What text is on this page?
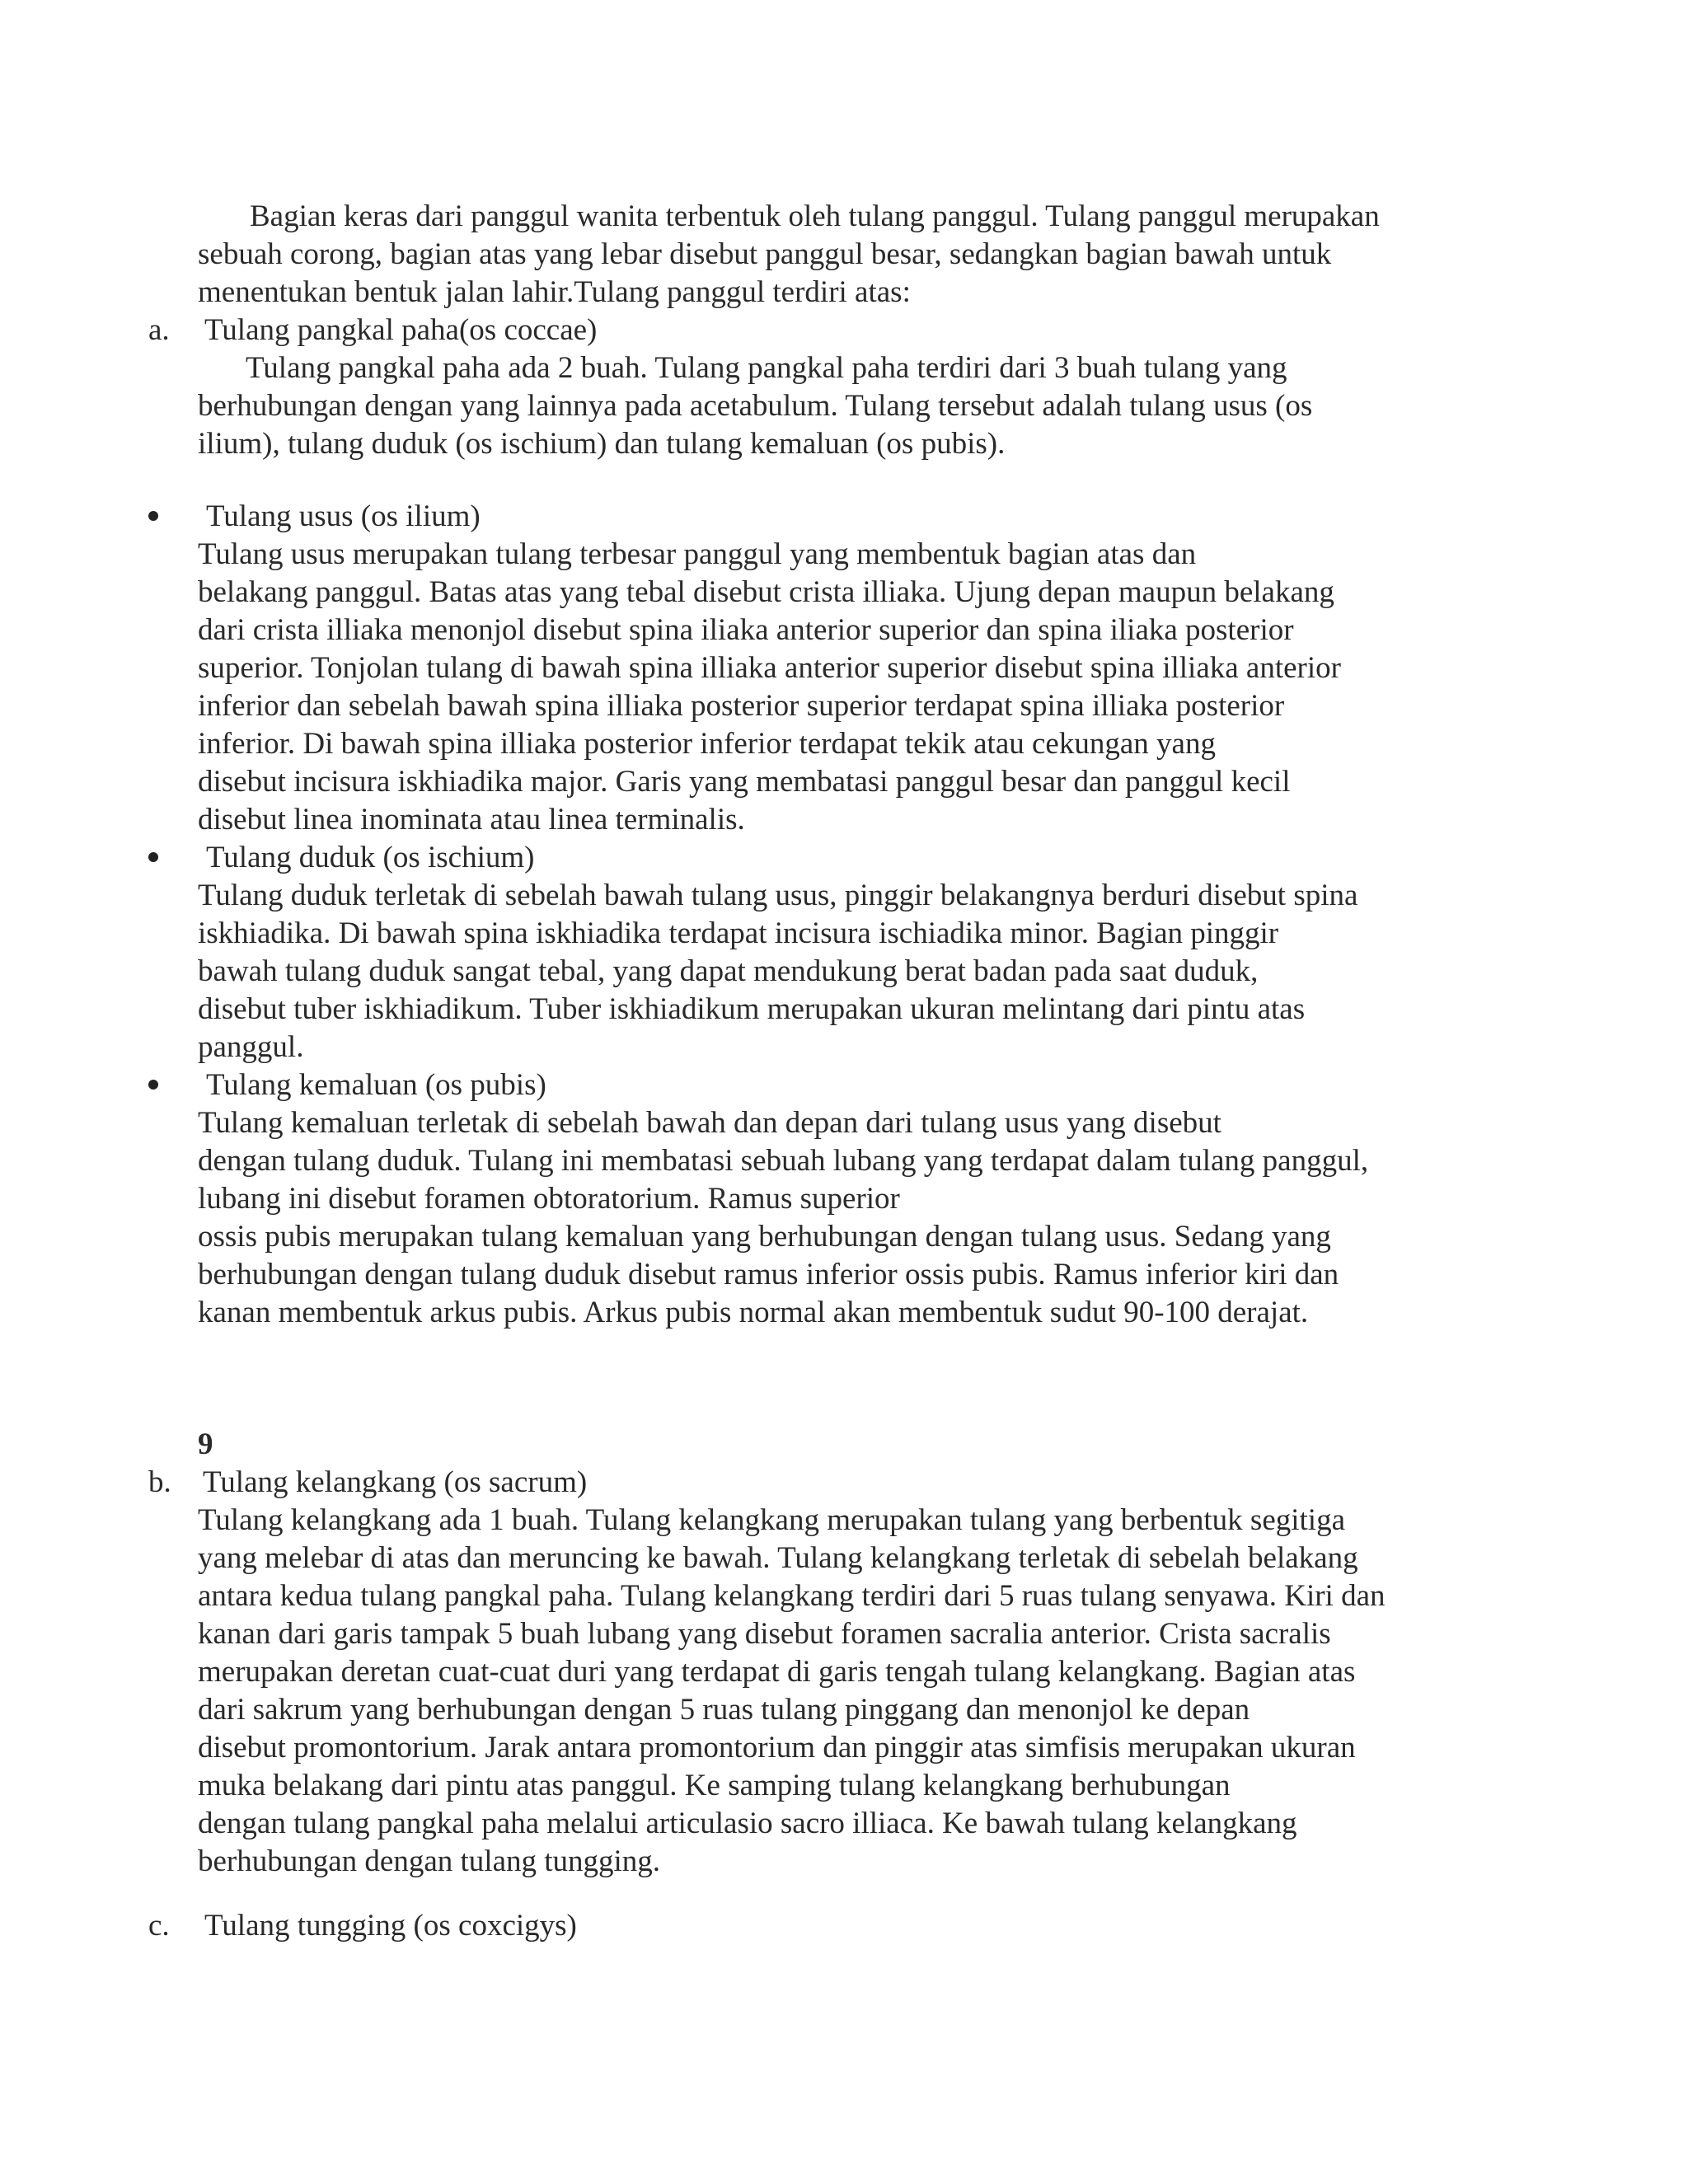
Bagian keras dari panggul wanita terbentuk oleh tulang panggul. Tulang panggul merupakan
sebuah corong, bagian atas yang lebar disebut panggul besar, sedangkan bagian bawah untuk
menentukan bentuk jalan lahir.Tulang panggul terdiri atas:
a. Tulang pangkal paha(os coccae)
Tulang pangkal paha ada 2 buah. Tulang pangkal paha terdiri dari 3 buah tulang yang
berhubungan dengan yang lainnya pada acetabulum. Tulang tersebut adalah tulang usus (os
ilium), tulang duduk (os ischium) dan tulang kemaluan (os pubis).
Tulang usus (os ilium)
Tulang usus merupakan tulang terbesar panggul yang membentuk bagian atas dan
belakang panggul. Batas atas yang tebal disebut crista illiaka. Ujung depan maupun belakang
dari crista illiaka menonjol disebut spina iliaka anterior superior dan spina iliaka posterior
superior. Tonjolan tulang di bawah spina illiaka anterior superior disebut spina illiaka anterior
inferior dan sebelah bawah spina illiaka posterior superior terdapat spina illiaka posterior
inferior. Di bawah spina illiaka posterior inferior terdapat tekik atau cekungan yang
disebut incisura iskhiadika major. Garis yang membatasi panggul besar dan panggul kecil
disebut linea inominata atau linea terminalis.
Tulang duduk (os ischium)
Tulang duduk terletak di sebelah bawah tulang usus, pinggir belakangnya berduri disebut spina
iskhiadika. Di bawah spina iskhiadika terdapat incisura ischiadika minor. Bagian pinggir
bawah tulang duduk sangat tebal, yang dapat mendukung berat badan pada saat duduk,
disebut tuber iskhiadikum. Tuber iskhiadikum merupakan ukuran melintang dari pintu atas
panggul.
Tulang kemaluan (os pubis)
Tulang kemaluan terletak di sebelah bawah dan depan dari tulang usus yang disebut
dengan tulang duduk. Tulang ini membatasi sebuah lubang yang terdapat dalam tulang panggul,
lubang ini disebut foramen obtoratorium. Ramus superior
ossis pubis merupakan tulang kemaluan yang berhubungan dengan tulang usus. Sedang yang
berhubungan dengan tulang duduk disebut ramus inferior ossis pubis. Ramus inferior kiri dan
kanan membentuk arkus pubis. Arkus pubis normal akan membentuk sudut 90-100 derajat.
9
b. Tulang kelangkang (os sacrum)
Tulang kelangkang ada 1 buah. Tulang kelangkang merupakan tulang yang berbentuk segitiga
yang melebar di atas dan meruncing ke bawah. Tulang kelangkang terletak di sebelah belakang
antara kedua tulang pangkal paha. Tulang kelangkang terdiri dari 5 ruas tulang senyawa. Kiri dan
kanan dari garis tampak 5 buah lubang yang disebut foramen sacralia anterior. Crista sacralis
merupakan deretan cuat-cuat duri yang terdapat di garis tengah tulang kelangkang. Bagian atas
dari sakrum yang berhubungan dengan 5 ruas tulang pinggang dan menonjol ke depan
disebut promontorium. Jarak antara promontorium dan pinggir atas simfisis merupakan ukuran
muka belakang dari pintu atas panggul. Ke samping tulang kelangkang berhubungan
dengan tulang pangkal paha melalui articulasio sacro illiaca. Ke bawah tulang kelangkang
berhubungan dengan tulang tungging.
c. Tulang tungging (os coxcigys)
